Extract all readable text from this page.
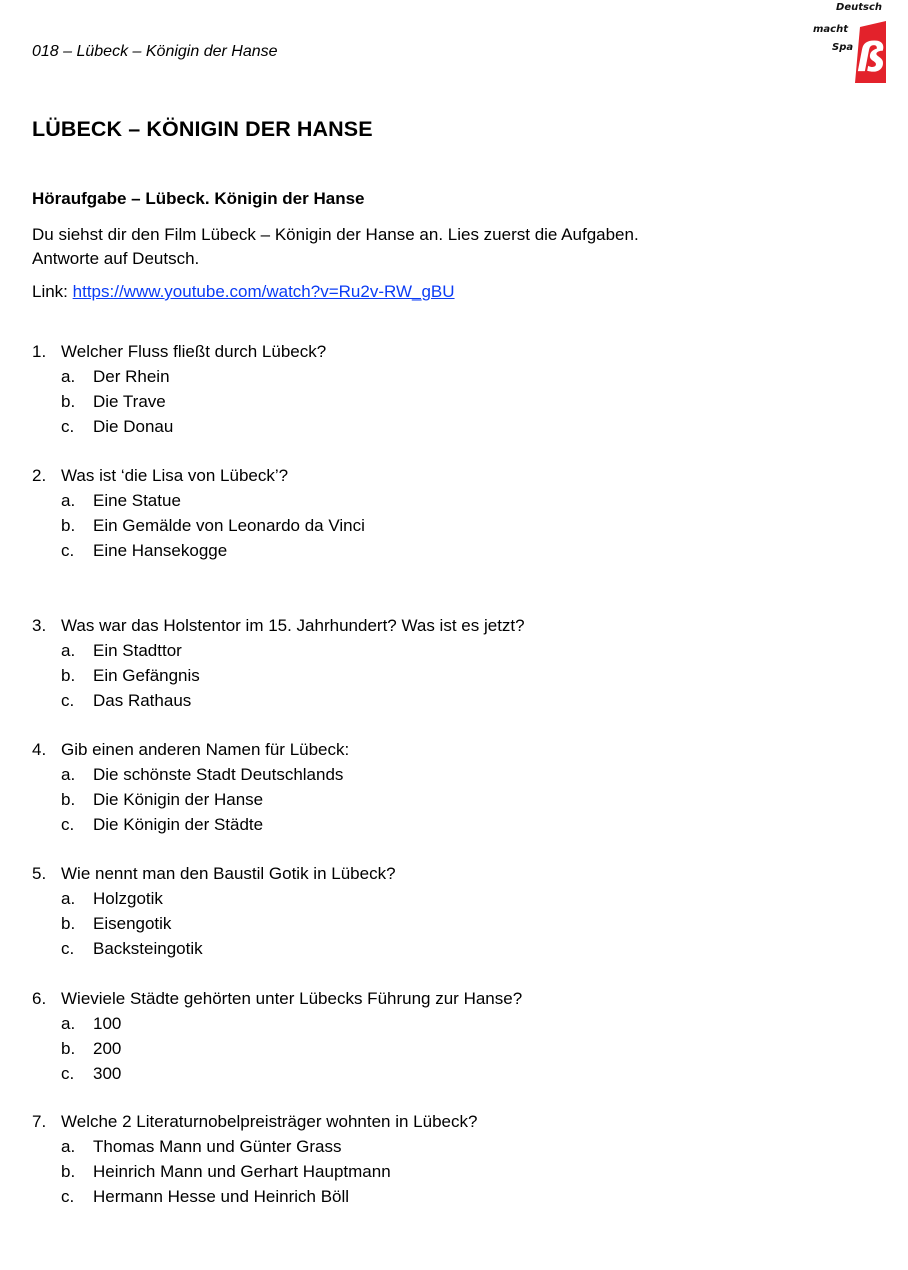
018 – Lübeck – Königin der Hanse
Deutsch
macht
Spa ß
LÜBECK – KÖNIGIN DER HANSE
Höraufgabe – Lübeck. Königin der Hanse

Du siehst dir den Film Lübeck – Königin der Hanse an. Lies zuerst die Aufgaben.
Antworte auf Deutsch.

Link: https://www.youtube.com/watch?v=Ru2v-RW_gBU
1. Welcher Fluss fließt durch Lübeck?
a.	Der Rhein
b.	Die Trave
c.	Die Donau
2. Was ist ‘die Lisa von Lübeck’?
a.	Eine Statue
b.	Ein Gemälde von Leonardo da Vinci
c.	Eine Hansekogge
3. Was war das Holstentor im 15. Jahrhundert? Was ist es jetzt?
a.	Ein Stadttor
b.	Ein Gefängnis
c.	Das Rathaus
4. Gib einen anderen Namen für Lübeck:
a.	Die schönste Stadt Deutschlands
b.	Die Königin der Hanse
c.	Die Königin der Städte
5. Wie nennt man den Baustil Gotik in Lübeck?
a.	Holzgotik
b.	Eisengotik
c.	Backsteingotik
6. Wieviele Städte gehörten unter Lübecks Führung zur Hanse?
a.	100
b.	200
c.	300
7. Welche 2 Literaturnobelpreisträger wohnten in Lübeck?
a.	Thomas Mann und Günter Grass
b.	Heinrich Mann und Gerhart Hauptmann
c.	Hermann Hesse und Heinrich Böll
